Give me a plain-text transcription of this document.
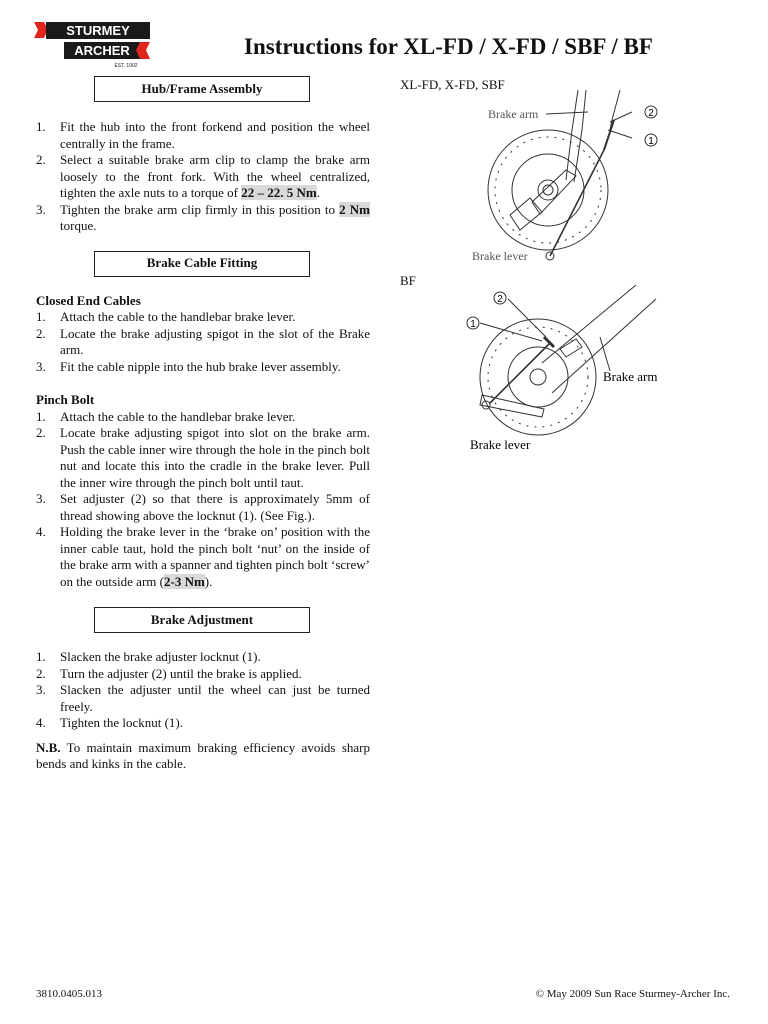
STURMEY
ARCHER
EST. 1902
Instructions for XL-FD / X-FD / SBF / BF
Hub/Frame Assembly
1. Fit the hub into the front forkend and position the wheel centrally in the frame.
2. Select a suitable brake arm clip to clamp the brake arm loosely to the front fork. With the wheel centralized, tighten the axle nuts to a torque of 22 – 22. 5 Nm.
3. Tighten the brake arm clip firmly in this position to 2 Nm torque.
Brake Cable Fitting
Closed End Cables
1. Attach the cable to the handlebar brake lever.
2. Locate the brake adjusting spigot in the slot of the Brake arm.
3. Fit the cable nipple into the hub brake lever assembly.
Pinch Bolt
1. Attach the cable to the handlebar brake lever.
2. Locate brake adjusting spigot into slot on the brake arm. Push the cable inner wire through the hole in the pinch bolt nut and locate this into the cradle in the brake lever. Pull the inner wire through the pinch bolt until taut.
3. Set adjuster (2) so that there is approximately 5mm of thread showing above the locknut (1). (See Fig.).
4. Holding the brake lever in the ‘brake on’ position with the inner cable taut, hold the pinch bolt ‘nut’ on the inside of the brake arm with a spanner and tighten pinch bolt ‘screw’ on the outside arm (2-3 Nm).
Brake Adjustment
1. Slacken the brake adjuster locknut (1).
2. Turn the adjuster (2) until the brake is applied.
3. Slacken the adjuster until the wheel can just be turned freely.
4. Tighten the locknut (1).

N.B. To maintain maximum braking efficiency avoids sharp bends and kinks in the cable.

XL-FD, X-FD, SBF
2
1
Brake arm
Brake lever
BF
2
1
Brake arm
Brake lever
3810.0405.013	© May 2009 Sun Race Sturmey-Archer Inc.
